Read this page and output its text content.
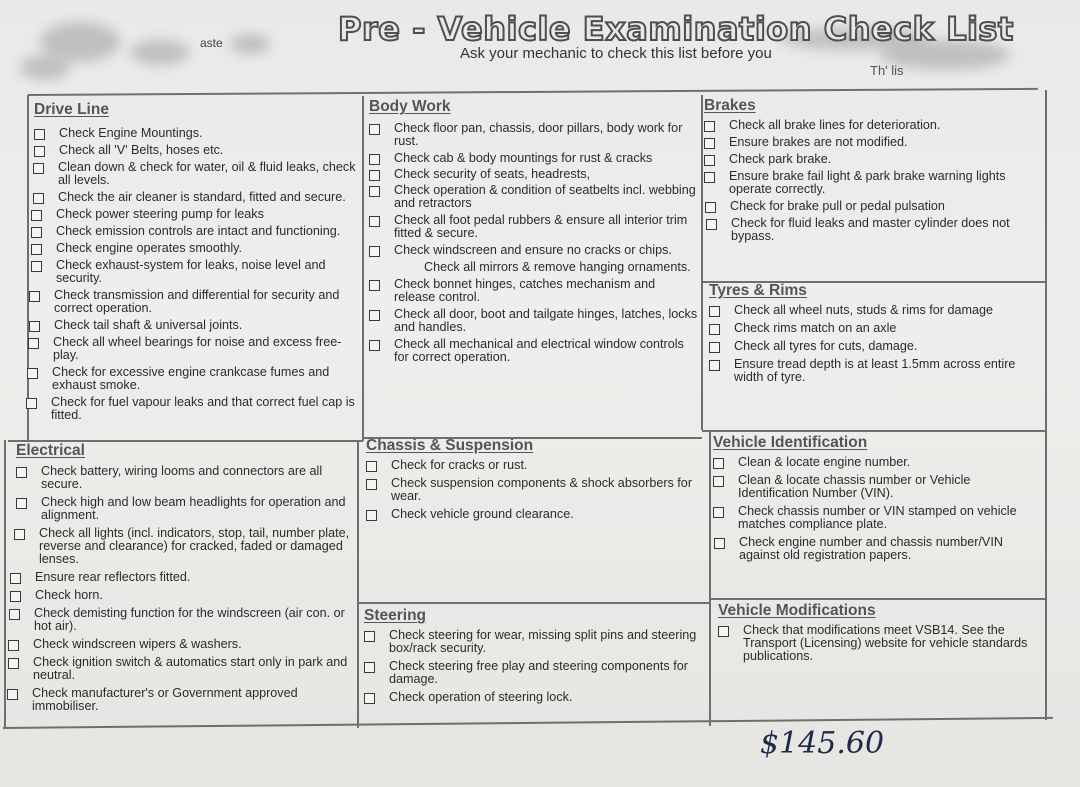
aste	Pre - Vehicle Examination Check List
Ask your mechanic to check this list before you
Th' lis
Drive Line
Check Engine Mountings.
Check all 'V' Belts, hoses etc.
Clean down & check for water, oil & fluid leaks, check all levels.
Check the air cleaner is standard, fitted and secure.
Check power steering pump for leaks
Check emission controls are intact and functioning.
Check engine operates smoothly.
Check exhaust-system for leaks, noise level and security.
Check transmission and differential for security and correct operation.
Check tail shaft & universal joints.
Check all wheel bearings for noise and excess free-play.
Check for excessive engine crankcase fumes and exhaust smoke.
Check for fuel vapour leaks and that correct fuel cap is fitted.
Body Work
Check floor pan, chassis, door pillars, body work for rust.
Check cab & body mountings for rust & cracks
Check security of seats, headrests,
Check operation & condition of seatbelts incl. webbing and retractors
Check all foot pedal rubbers & ensure all interior trim fitted & secure.
Check windscreen and ensure no cracks or chips.
Check all mirrors & remove hanging ornaments.
Check bonnet hinges, catches mechanism and release control.
Check all door, boot and tailgate hinges, latches, locks and handles.
Check all mechanical and electrical window controls for correct operation.
Brakes
Check all brake lines for deterioration.
Ensure brakes are not modified.
Check park brake.
Ensure brake fail light & park brake warning lights operate correctly.
Check for brake pull or pedal pulsation
Check for fluid leaks and master cylinder does not bypass.
Tyres & Rims
Check all wheel nuts, studs & rims for damage
Check rims match on an axle
Check all tyres for cuts, damage.
Ensure tread depth is at least 1.5mm across entire width of tyre.
Electrical
Check battery, wiring looms and connectors are all secure.
Check high and low beam headlights for operation and alignment.
Check all lights (incl. indicators, stop, tail, number plate, reverse and clearance) for cracked, faded or damaged lenses.
Ensure rear reflectors fitted.
Check horn.
Check demisting function for the windscreen (air con. or hot air).
Check windscreen wipers & washers.
Check ignition switch & automatics start only in park and neutral.
Check manufacturer's or Government approved immobiliser.
Chassis & Suspension
Check for cracks or rust.
Check suspension components & shock absorbers for wear.
Check vehicle ground clearance.
Steering
Check steering for wear, missing split pins and steering box/rack security.
Check steering free play and steering components for damage.
Check operation of steering lock.
Vehicle Identification
Clean & locate engine number.
Clean & locate chassis number or Vehicle Identification Number (VIN).
Check chassis number or VIN stamped on vehicle matches compliance plate.
Check engine number and chassis number/VIN against old registration papers.
Vehicle Modifications
Check that modifications meet VSB14. See the Transport (Licensing) website for vehicle standards publications.
$145.60
